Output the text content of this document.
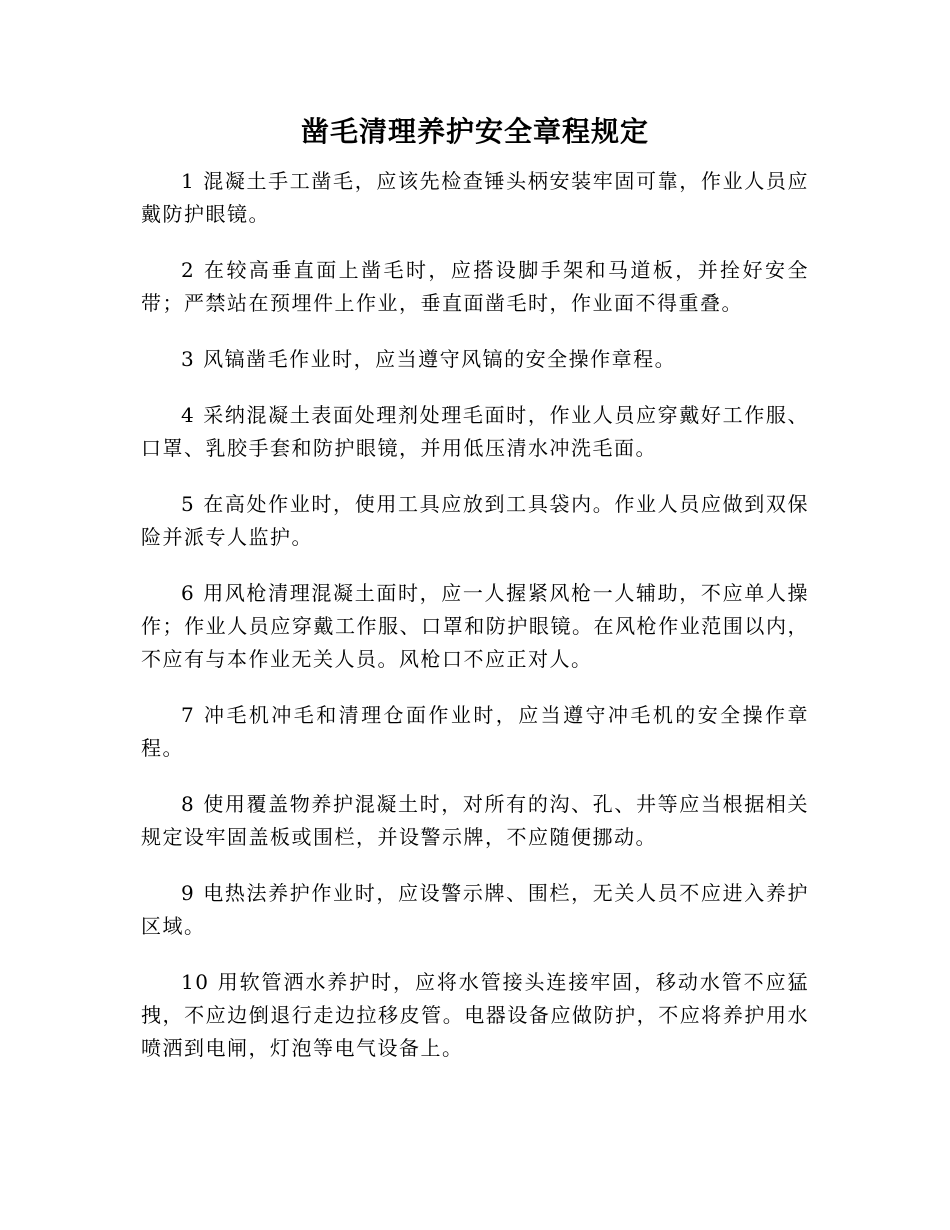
凿毛清理养护安全章程规定

1 混凝土手工凿毛，应该先检查锤头柄安装牢固可靠，作业人员应戴防护眼镜。

2 在较高垂直面上凿毛时，应搭设脚手架和马道板，并拴好安全带；严禁站在预埋件上作业，垂直面凿毛时，作业面不得重叠。

3 风镐凿毛作业时，应当遵守风镐的安全操作章程。

4 采纳混凝土表面处理剂处理毛面时，作业人员应穿戴好工作服、口罩、乳胶手套和防护眼镜，并用低压清水冲洗毛面。

5 在高处作业时，使用工具应放到工具袋内。作业人员应做到双保险并派专人监护。

6 用风枪清理混凝土面时，应一人握紧风枪一人辅助，不应单人操作；作业人员应穿戴工作服、口罩和防护眼镜。在风枪作业范围以内，不应有与本作业无关人员。风枪口不应正对人。

7 冲毛机冲毛和清理仓面作业时，应当遵守冲毛机的安全操作章程。

8 使用覆盖物养护混凝土时，对所有的沟、孔、井等应当根据相关规定设牢固盖板或围栏，并设警示牌，不应随便挪动。

9 电热法养护作业时，应设警示牌、围栏，无关人员不应进入养护区域。

10 用软管洒水养护时，应将水管接头连接牢固，移动水管不应猛拽，不应边倒退行走边拉移皮管。电器设备应做防护，不应将养护用水喷洒到电闸，灯泡等电气设备上。
